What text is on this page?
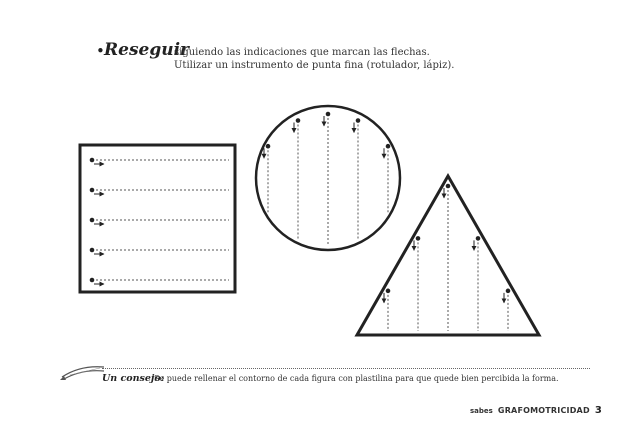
• Reseguir
siguiendo las indicaciones que marcan las flechas.
Utilizar un instrumento de punta fina (rotulador, lápiz).
Un consejo:
Se puede rellenar el contorno de cada figura con plastilina para que quede bien percibida la forma.
sabes GRAFOMOTRICIDAD 3
